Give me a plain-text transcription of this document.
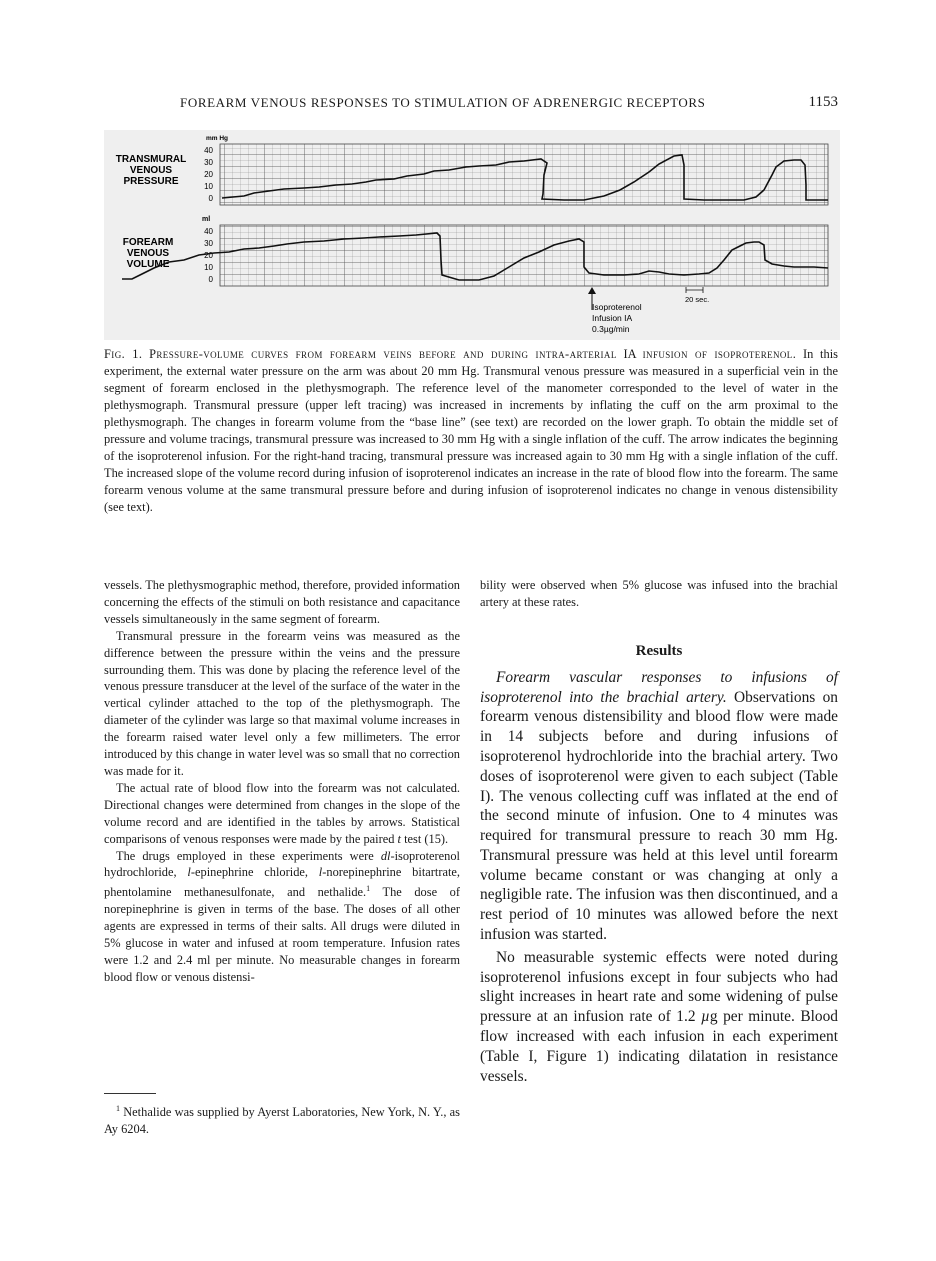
FOREARM VENOUS RESPONSES TO STIMULATION OF ADRENERGIC RECEPTORS	1153
TRANSMURAL
VENOUS
PRESSURE
FOREARM
VENOUS
VOLUME
mm Hg
ml
40
30
20
10
0
40
30
20
10
0
Isoproterenol
Infusion IA
0.3µg/min
20 sec.
Fig. 1. Pressure-volume curves from forearm veins before and during intra-arterial IA infusion of isoproterenol. In this experiment, the external water pressure on the arm was about 20 mm Hg. Transmural venous pressure was measured in a superficial vein in the segment of forearm enclosed in the plethysmograph. The reference level of the manometer corresponded to the level of water in the plethysmograph. Transmural pressure (upper left tracing) was increased in increments by inflating the cuff on the arm proximal to the plethysmograph. The changes in forearm volume from the “base line” (see text) are recorded on the lower graph. To obtain the middle set of pressure and volume tracings, transmural pressure was increased to 30 mm Hg with a single inflation of the cuff. The arrow indicates the beginning of the isoproterenol infusion. For the right-hand tracing, transmural pressure was increased again to 30 mm Hg with a single inflation of the cuff. The increased slope of the volume record during infusion of isoproterenol indicates an increase in the rate of blood flow into the forearm. The same forearm venous volume at the same transmural pressure before and during infusion of isoproterenol indicates no change in venous distensibility (see text).

vessels. The plethysmographic method, therefore, provided information concerning the effects of the stimuli on both resistance and capacitance vessels simultaneously in the same segment of forearm.

Transmural pressure in the forearm veins was measured as the difference between the pressure within the veins and the pressure surrounding them. This was done by placing the reference level of the venous pressure transducer at the level of the surface of the water in the vertical cylinder attached to the top of the plethysmograph. The diameter of the cylinder was large so that maximal volume increases in the forearm raised water level only a few millimeters. The error introduced by this change in water level was so small that no correction was made for it.

The actual rate of blood flow into the forearm was not calculated. Directional changes were determined from changes in the slope of the volume record and are identified in the tables by arrows. Statistical comparisons of venous responses were made by the paired t test (15).

The drugs employed in these experiments were dl-isoproterenol hydrochloride, l-epinephrine chloride, l-norepinephrine bitartrate, phentolamine methanesulfonate, and nethalide.$^1$ The dose of norepinephrine is given in terms of the base. The doses of all other agents are expressed in terms of their salts. All drugs were diluted in 5% glucose in water and infused at room temperature. Infusion rates were 1.2 and 2.4 ml per minute. No measurable changes in forearm blood flow or venous distensi-

$^1$ Nethalide was supplied by Ayerst Laboratories, New York, N. Y., as Ay 6204.

bility were observed when 5% glucose was infused into the brachial artery at these rates.

Results

Forearm vascular responses to infusions of isoproterenol into the brachial artery. Observations on forearm venous distensibility and blood flow were made in 14 subjects before and during infusions of isoproterenol hydrochloride into the brachial artery. Two doses of isoproterenol were given to each subject (Table I). The venous collecting cuff was inflated at the end of the second minute of infusion. One to 4 minutes was required for transmural pressure to reach 30 mm Hg. Transmural pressure was held at this level until forearm volume became constant or was changing at only a negligible rate. The infusion was then discontinued, and a rest period of 10 minutes was allowed before the next infusion was started.

No measurable systemic effects were noted during isoproterenol infusions except in four subjects who had slight increases in heart rate and some widening of pulse pressure at an infusion rate of 1.2 µg per minute. Blood flow increased with each infusion in each experiment (Table I, Figure 1) indicating dilatation in resistance vessels.
